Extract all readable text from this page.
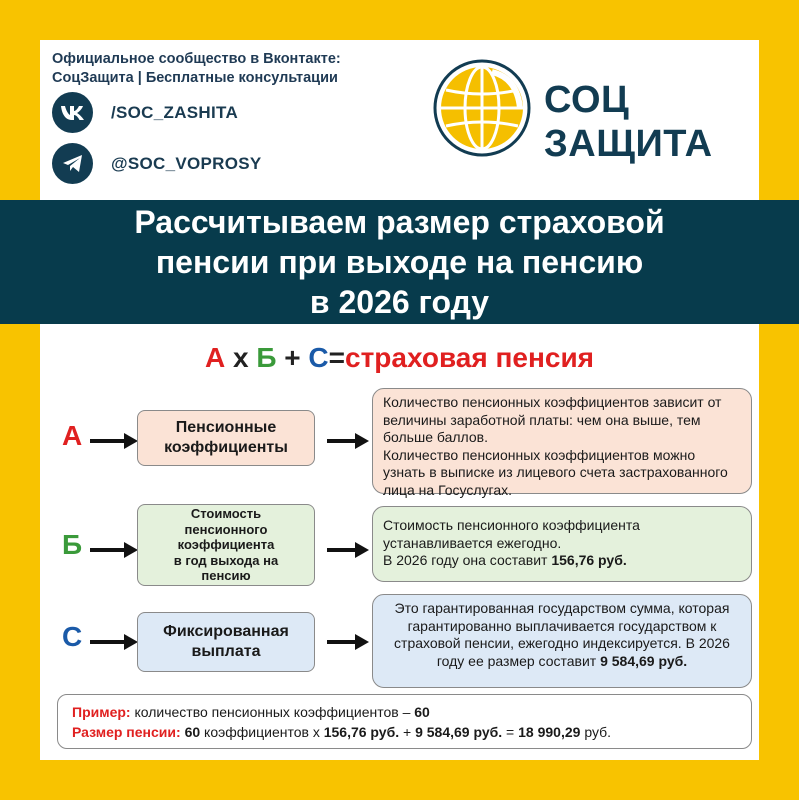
Официальное сообщество в Вконтакте:
СоцЗащита | Бесплатные консультации
/SOC_ZASHITA
@SOC_VOPROSY
СОЦ
ЗАЩИТА
Рассчитываем размер страховой
пенсии при выходе на пенсию
в 2026 году
А х Б + С=страховая пенсия
А	Пенсионные
коэффициенты
Количество пенсионных коэффициентов зависит от величины заработной платы: чем она выше, тем больше баллов.
Количество пенсионных коэффициентов можно узнать в выписке из лицевого счета застрахованного лица на Госуслугах.
Б
Стоимость
пенсионного
коэффициента
в год выхода на
пенсию
Стоимость пенсионного коэффициента устанавливается ежегодно.
В 2026 году она составит 156,76 руб.
С	Фиксированная
выплата
Это гарантированная государством сумма, которая гарантированно выплачивается государством к страховой пенсии, ежегодно индексируется. В 2026 году ее размер составит 9 584,69 руб.
Пример: количество пенсионных коэффициентов – 60
Размер пенсии: 60 коэффициентов х 156,76 руб. + 9 584,69 руб. = 18 990,29 руб.
